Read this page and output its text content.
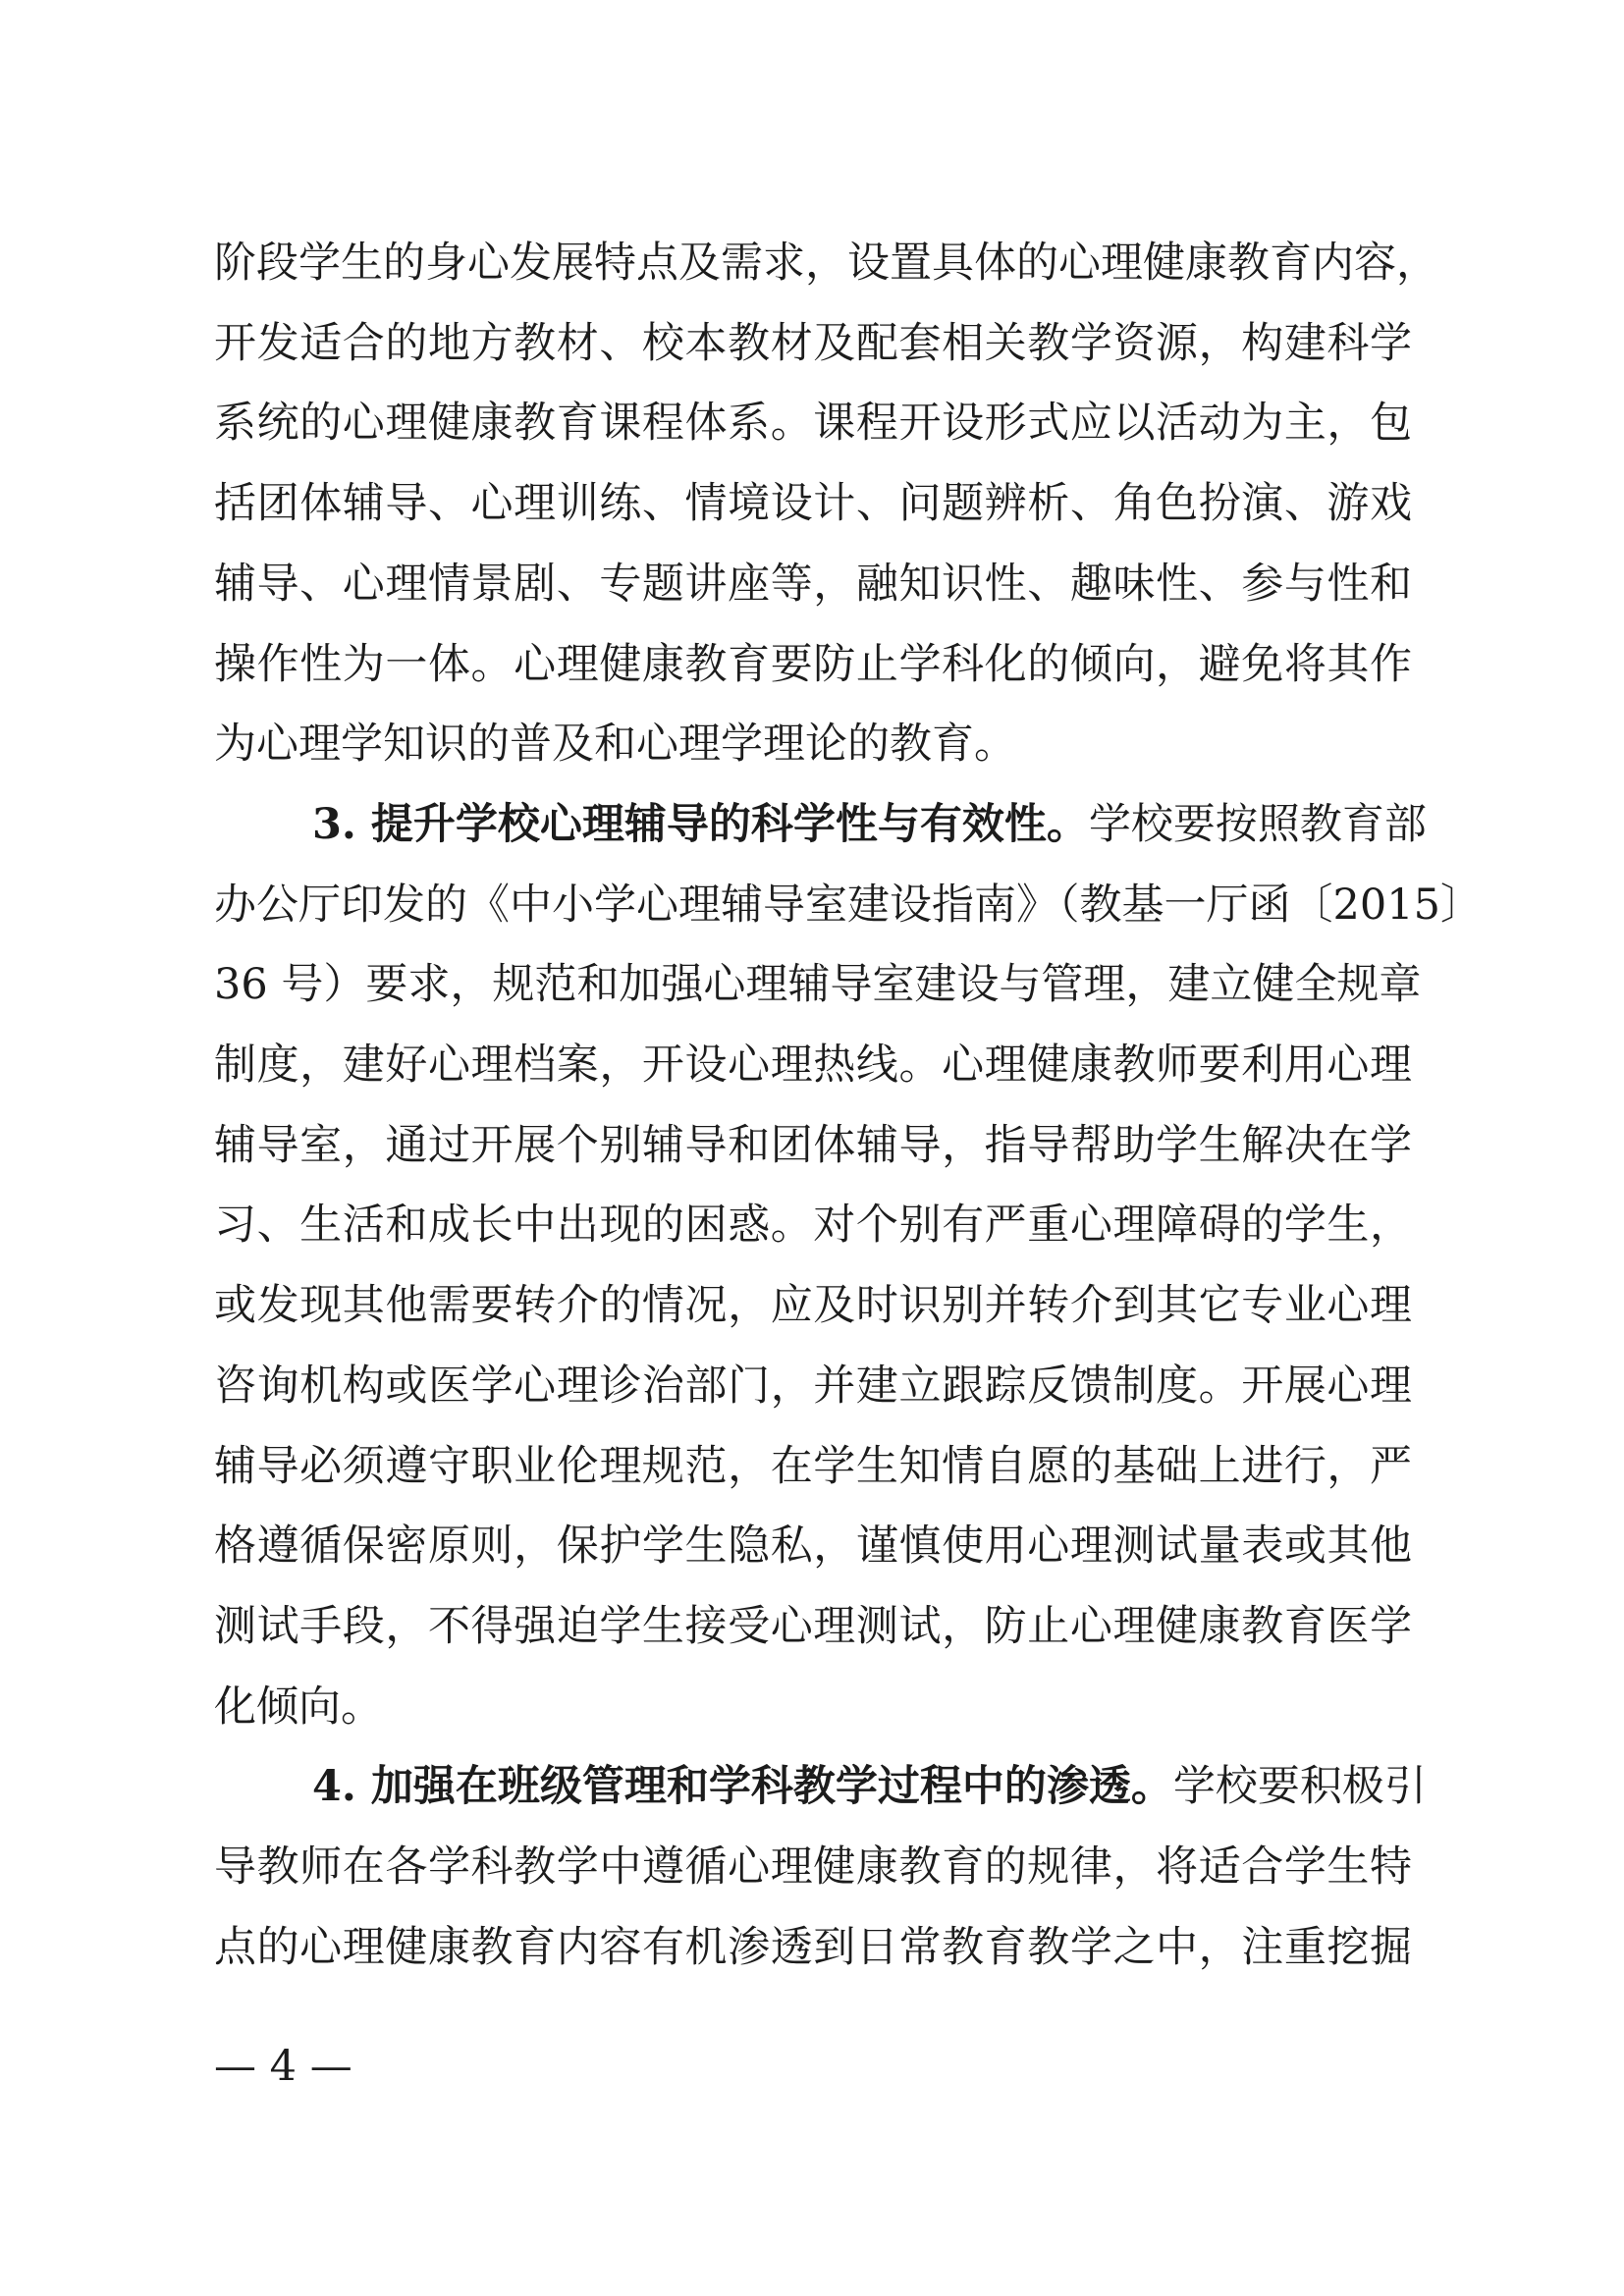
阶段学生的身心发展特点及需求，设置具体的心理健康教育内容，
开发适合的地方教材、校本教材及配套相关教学资源，构建科学
系统的心理健康教育课程体系。课程开设形式应以活动为主，包
括团体辅导、心理训练、情境设计、问题辨析、角色扮演、游戏
辅导、心理情景剧、专题讲座等，融知识性、趣味性、参与性和
操作性为一体。心理健康教育要防止学科化的倾向，避免将其作
为心理学知识的普及和心理学理论的教育。
3. 提升学校心理辅导的科学性与有效性。学校要按照教育部
办公厅印发的《中小学心理辅导室建设指南》（教基一厅函〔2015〕
36 号）要求，规范和加强心理辅导室建设与管理，建立健全规章
制度，建好心理档案，开设心理热线。心理健康教师要利用心理
辅导室，通过开展个别辅导和团体辅导，指导帮助学生解决在学
习、生活和成长中出现的困惑。对个别有严重心理障碍的学生，
或发现其他需要转介的情况，应及时识别并转介到其它专业心理
咨询机构或医学心理诊治部门，并建立跟踪反馈制度。开展心理
辅导必须遵守职业伦理规范，在学生知情自愿的基础上进行，严
格遵循保密原则，保护学生隐私，谨慎使用心理测试量表或其他
测试手段，不得强迫学生接受心理测试，防止心理健康教育医学
化倾向。
4. 加强在班级管理和学科教学过程中的渗透。学校要积极引
导教师在各学科教学中遵循心理健康教育的规律，将适合学生特
点的心理健康教育内容有机渗透到日常教育教学之中，注重挖掘
— 4 —
